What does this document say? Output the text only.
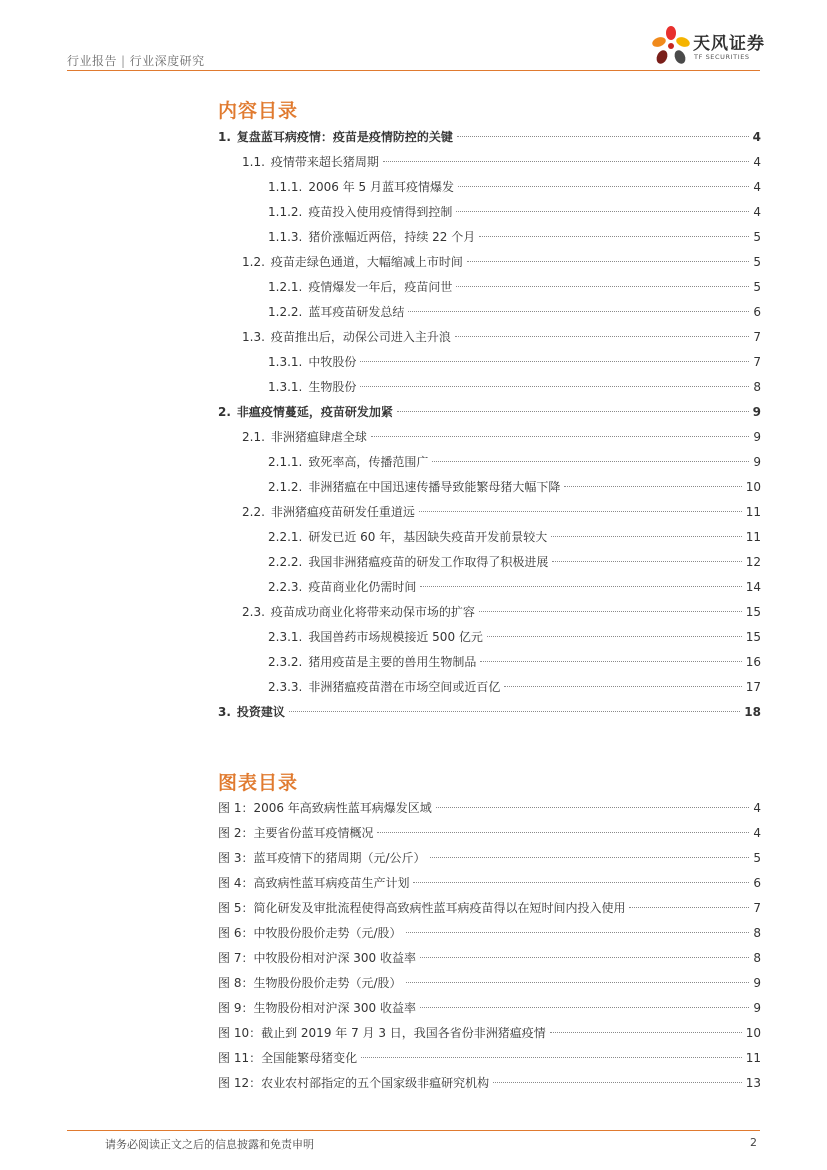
行业报告 | 行业深度研究
天风证券
TF SECURITIES
内容目录
1. 复盘蓝耳病疫情：疫苗是疫情防控的关键	4
1.1. 疫情带来超长猪周期	4
1.1.1. 2006 年 5 月蓝耳疫情爆发	4
1.1.2. 疫苗投入使用疫情得到控制	4
1.1.3. 猪价涨幅近两倍，持续 22 个月	5
1.2. 疫苗走绿色通道，大幅缩减上市时间	5
1.2.1. 疫情爆发一年后，疫苗问世	5
1.2.2. 蓝耳疫苗研发总结	6
1.3. 疫苗推出后，动保公司进入主升浪	7
1.3.1. 中牧股份	7
1.3.1. 生物股份	8
2. 非瘟疫情蔓延，疫苗研发加紧	9
2.1. 非洲猪瘟肆虐全球	9
2.1.1. 致死率高，传播范围广	9
2.1.2. 非洲猪瘟在中国迅速传播导致能繁母猪大幅下降	10
2.2. 非洲猪瘟疫苗研发任重道远	11
2.2.1. 研发已近 60 年，基因缺失疫苗开发前景较大	11
2.2.2. 我国非洲猪瘟疫苗的研发工作取得了积极进展	12
2.2.3. 疫苗商业化仍需时间	14
2.3. 疫苗成功商业化将带来动保市场的扩容	15
2.3.1. 我国兽药市场规模接近 500 亿元	15
2.3.2. 猪用疫苗是主要的兽用生物制品	16
2.3.3. 非洲猪瘟疫苗潜在市场空间或近百亿	17
3. 投资建议	18
图表目录
图 1： 2006 年高致病性蓝耳病爆发区域	4
图 2： 主要省份蓝耳疫情概况	4
图 3： 蓝耳疫情下的猪周期（元/公斤）	5
图 4： 高致病性蓝耳病疫苗生产计划	6
图 5： 简化研发及审批流程使得高致病性蓝耳病疫苗得以在短时间内投入使用	7
图 6： 中牧股份股价走势（元/股）	8
图 7： 中牧股份相对沪深 300 收益率	8
图 8： 生物股份股价走势（元/股）	9
图 9： 生物股份相对沪深 300 收益率	9
图 10： 截止到 2019 年 7 月 3 日，我国各省份非洲猪瘟疫情	10
图 11： 全国能繁母猪变化	11
图 12： 农业农村部指定的五个国家级非瘟研究机构	13
请务必阅读正文之后的信息披露和免责申明	2
